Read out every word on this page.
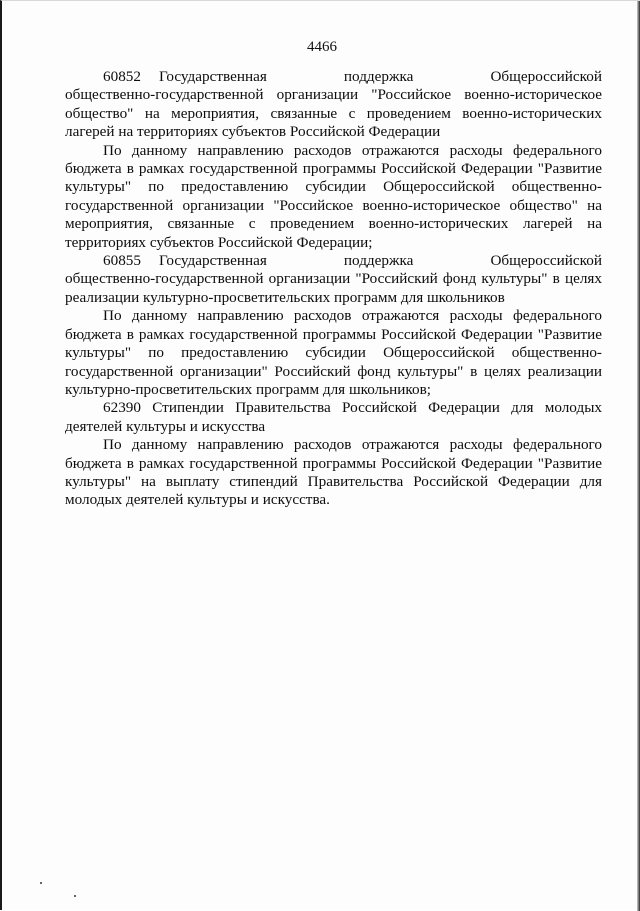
4466
60852 Государственная	поддержка	Общероссийской

общественно-государственной организации "Российское военно-историческое общество" на мероприятия, связанные с проведением военно-исторических лагерей на территориях субъектов Российской Федерации

По данному направлению расходов отражаются расходы федерального бюджета в рамках государственной программы Российской Федерации "Развитие культуры" по предоставлению субсидии Общероссийской общественно-государственной организации "Российское военно-историческое общество" на мероприятия, связанные с проведением военно-исторических лагерей на территориях субъектов Российской Федерации;

60855 Государственная	поддержка	Общероссийской

общественно-государственной организации "Российский фонд культуры" в целях реализации культурно-просветительских программ для школьников

По данному направлению расходов отражаются расходы федерального бюджета в рамках государственной программы Российской Федерации "Развитие культуры" по предоставлению субсидии Общероссийской общественно-государственной организации" Российский фонд культуры" в целях реализации культурно-просветительских программ для школьников;

62390 Стипендии Правительства Российской Федерации для молодых деятелей культуры и искусства

По данному направлению расходов отражаются расходы федерального бюджета в рамках государственной программы Российской Федерации "Развитие культуры" на выплату стипендий Правительства Российской Федерации для молодых деятелей культуры и искусства.
